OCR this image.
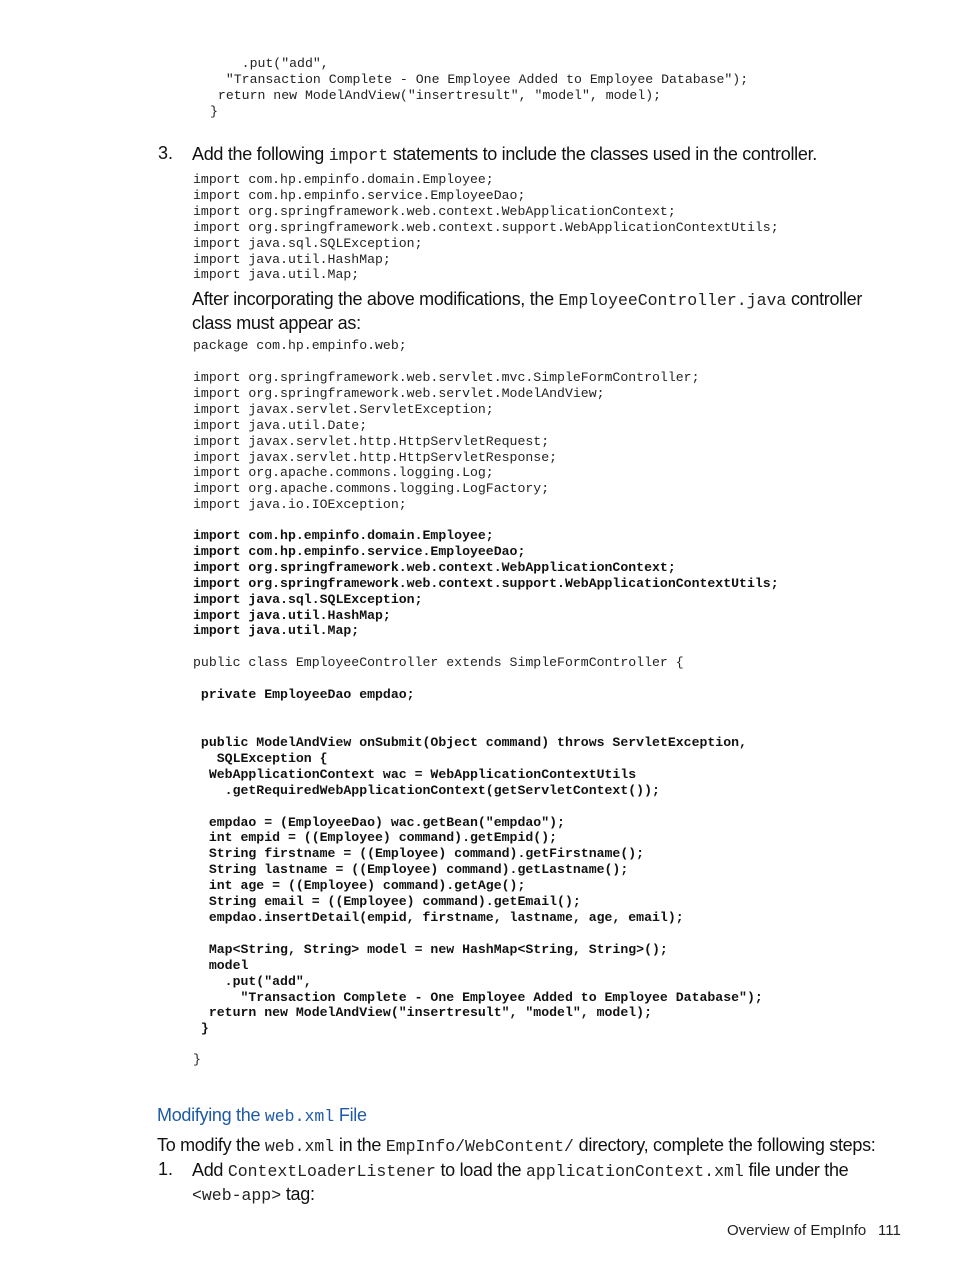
.put("add",
"Transaction Complete - One Employee Added to Employee Database");
return new ModelAndView("insertresult", "model", model);
}
3. Add the following import statements to include the classes used in the controller.
import com.hp.empinfo.domain.Employee;
import com.hp.empinfo.service.EmployeeDao;
import org.springframework.web.context.WebApplicationContext;
import org.springframework.web.context.support.WebApplicationContextUtils;
import java.sql.SQLException;
import java.util.HashMap;
import java.util.Map;
After incorporating the above modifications, the EmployeeController.java controller class must appear as:
package com.hp.empinfo.web;
import org.springframework.web.servlet.mvc.SimpleFormController;
import org.springframework.web.servlet.ModelAndView;
import javax.servlet.ServletException;
import java.util.Date;
import javax.servlet.http.HttpServletRequest;
import javax.servlet.http.HttpServletResponse;
import org.apache.commons.logging.Log;
import org.apache.commons.logging.LogFactory;
import java.io.IOException;
import com.hp.empinfo.domain.Employee;
import com.hp.empinfo.service.EmployeeDao;
import org.springframework.web.context.WebApplicationContext;
import org.springframework.web.context.support.WebApplicationContextUtils;
import java.sql.SQLException;
import java.util.HashMap;
import java.util.Map;
public class EmployeeController extends SimpleFormController {
private EmployeeDao empdao;
public ModelAndView onSubmit(Object command) throws ServletException,
SQLException {
WebApplicationContext wac = WebApplicationContextUtils
.getRequiredWebApplicationContext(getServletContext());

empdao = (EmployeeDao) wac.getBean("empdao");
int empid = ((Employee) command).getEmpid();
String firstname = ((Employee) command).getFirstname();
String lastname = ((Employee) command).getLastname();
int age = ((Employee) command).getAge();
String email = ((Employee) command).getEmail();
empdao.insertDetail(empid, firstname, lastname, age, email);

Map<String, String> model = new HashMap<String, String>();
model
.put("add",
"Transaction Complete - One Employee Added to Employee Database");
return new ModelAndView("insertresult", "model", model);
}
}
Modifying the web.xml File
To modify the web.xml in the EmpInfo/WebContent/ directory, complete the following steps:
1. Add ContextLoaderListener to load the applicationContext.xml file under the
<web-app> tag:
Overview of EmpInfo 111
